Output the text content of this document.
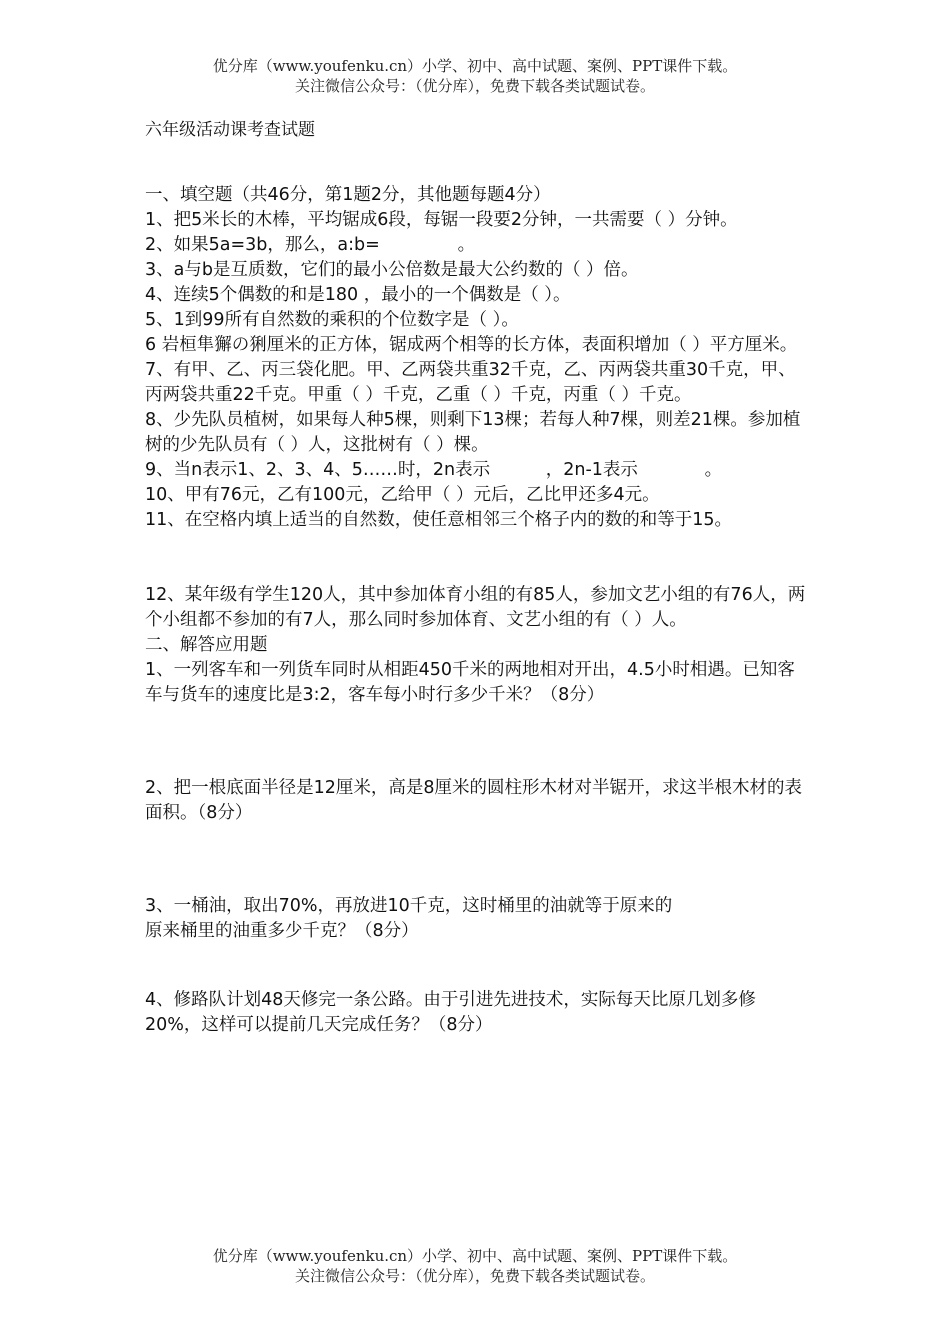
优分库（www.youfenku.cn）小学、初中、高中试题、案例、PPT课件下载。
关注微信公众号：（优分库），免费下载各类试题试卷。
六年级活动课考查试题

一、填空题（共46分，第1题2分，其他题每题4分）

1、把5米长的木棒，平均锯成6段，每锯一段要2分钟，一共需要（ ）分钟。

2、如果5a=3b，那么，a:b=              。

3、a与b是互质数，它们的最小公倍数是最大公约数的（ ）倍。

4、连续5个偶数的和是180 ，最小的一个偶数是（ ）。

5、1到99所有自然数的乘积的个位数字是（ ）。

6 岩桓隼獬の猁厘米的正方体，锯成两个相等的长方体，表面积增加（ ）平方厘米。

7、有甲、乙、丙三袋化肥。甲、乙两袋共重32千克，乙、丙两袋共重30千克，甲、丙两袋共重22千克。甲重（ ）千克，乙重（ ）千克，丙重（ ）千克。

8、少先队员植树，如果每人种5棵，则剩下13棵；若每人种7棵，则差21棵。参加植树的少先队员有（ ）人，这批树有（ ）棵。

9、当n表示1、2、3、4、5……时，2n表示          ，2n-1表示            。

10、甲有76元，乙有100元，乙给甲（ ）元后，乙比甲还多4元。

11、在空格内填上适当的自然数，使任意相邻三个格子内的数的和等于15。

12、某年级有学生120人，其中参加体育小组的有85人，参加文艺小组的有76人，两个小组都不参加的有7人，那么同时参加体育、文艺小组的有（ ）人。

二、解答应用题

1、一列客车和一列货车同时从相距450千米的两地相对开出，4.5小时相遇。已知客车与货车的速度比是3:2，客车每小时行多少千米？（8分）

2、把一根底面半径是12厘米，高是8厘米的圆柱形木材对半锯开，求这半根木材的表面积。（8分）

3、一桶油，取出70%，再放进10千克，这时桶里的油就等于原来的

原来桶里的油重多少千克？（8分）

4、修路队计划48天修完一条公路。由于引进先进技术，实际每天比原几划多修20%，这样可以提前几天完成任务？（8分）

优分库（www.youfenku.cn）小学、初中、高中试题、案例、PPT课件下载。
关注微信公众号：（优分库），免费下载各类试题试卷。
